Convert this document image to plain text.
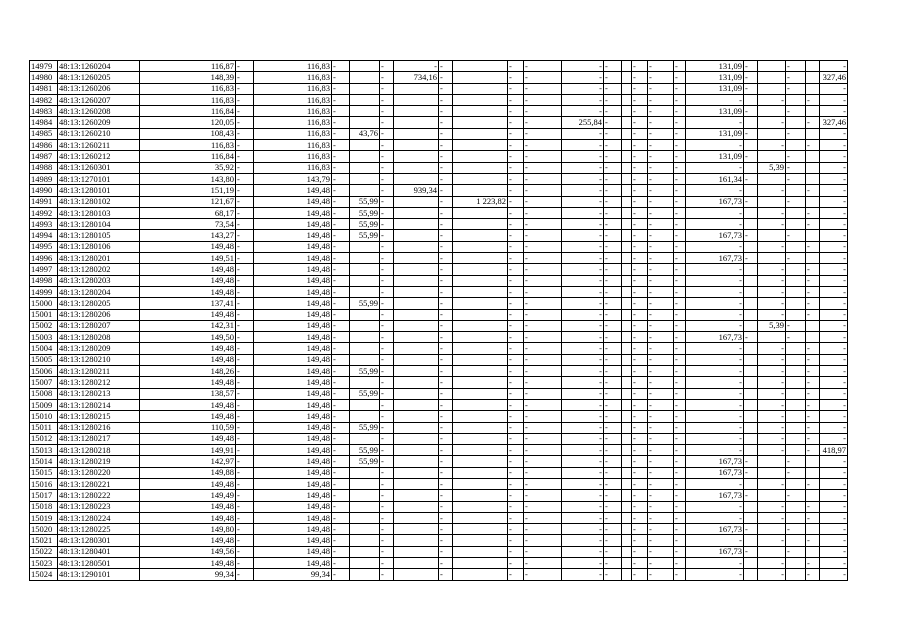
14979	48:13:1260204	116,87	-	116,83	-		-	-	-		-	-	-	-		-	-	-	131,09	-		-		-
14980	48:13:1260205	148,39	-	116,83	-		-	734,16	-		-	-	-	-		-	-	-	131,09	-		-		327,46
14981	48:13:1260206	116,83	-	116,83	-		-		-		-	-	-	-		-	-	-	131,09	-		-		-
14982	48:13:1260207	116,83	-	116,83	-		-		-		-	-	-	-		-	-	-	-		-		-	-
14983	48:13:1260208	116,84	-	116,83	-		-		-		-	-	-	-		-	-	-	131,09	-		-		-
14984	48:13:1260209	120,05	-	116,83	-		-		-		-	-	255,84	-		-	-	-	-		-		-	327,46
14985	48:13:1260210	108,43	-	116,83	-	43,76	-		-		-	-	-	-		-	-	-	131,09	-		-		-
14986	48:13:1260211	116,83	-	116,83	-		-		-		-	-	-	-		-	-	-	-		-		-	-
14987	48:13:1260212	116,84	-	116,83	-		-		-		-	-	-	-		-	-	-	131,09	-		-		-
14988	48:13:1260301	35,92	-	116,83	-		-		-		-	-	-	-		-	-	-	-		5,39	-		-
14989	48:13:1270101	143,80	-	143,79	-		-		-		-	-	-	-		-	-	-	161,34	-		-		-
14990	48:13:1280101	151,19	-	149,48	-		-	939,34	-		-	-	-	-		-	-	-	-		-		-	-
14991	48:13:1280102	121,67	-	149,48	-	55,99	-		-	1 223,82	-	-	-	-		-	-	-	167,73	-		-		-
14992	48:13:1280103	68,17	-	149,48	-	55,99	-		-		-	-	-	-		-	-	-	-		-		-	-
14993	48:13:1280104	73,54	-	149,48	-	55,99	-		-		-	-	-	-		-	-	-	-		-		-	-
14994	48:13:1280105	143,27	-	149,48	-	55,99	-		-		-	-	-	-		-	-	-	167,73	-		-		-
14995	48:13:1280106	149,48	-	149,48	-		-		-		-	-	-	-		-	-	-	-		-		-	-
14996	48:13:1280201	149,51	-	149,48	-		-		-		-	-	-	-		-	-	-	167,73	-		-		-
14997	48:13:1280202	149,48	-	149,48	-		-		-		-	-	-	-		-	-	-	-		-		-	-
14998	48:13:1280203	149,48	-	149,48	-		-		-		-	-	-	-		-	-	-	-		-		-	-
14999	48:13:1280204	149,48	-	149,48	-		-		-		-	-	-	-		-	-	-	-		-		-	-
15000	48:13:1280205	137,41	-	149,48	-	55,99	-		-		-	-	-	-		-	-	-	-		-		-	-
15001	48:13:1280206	149,48	-	149,48	-		-		-		-	-	-	-		-	-	-	-		-		-	-
15002	48:13:1280207	142,31	-	149,48	-		-		-		-	-	-	-		-	-	-	-		5,39	-		-
15003	48:13:1280208	149,50	-	149,48	-		-		-		-	-	-	-		-	-	-	167,73	-		-		-
15004	48:13:1280209	149,48	-	149,48	-		-		-		-	-	-	-		-	-	-	-		-		-	-
15005	48:13:1280210	149,48	-	149,48	-		-		-		-	-	-	-		-	-	-	-		-		-	-
15006	48:13:1280211	148,26	-	149,48	-	55,99	-		-		-	-	-	-		-	-	-	-		-		-	-
15007	48:13:1280212	149,48	-	149,48	-		-		-		-	-	-	-		-	-	-	-		-		-	-
15008	48:13:1280213	138,57	-	149,48	-	55,99	-		-		-	-	-	-		-	-	-	-		-		-	-
15009	48:13:1280214	149,48	-	149,48	-		-		-		-	-	-	-		-	-	-	-		-		-	-
15010	48:13:1280215	149,48	-	149,48	-		-		-		-	-	-	-		-	-	-	-		-		-	-
15011	48:13:1280216	110,59	-	149,48	-	55,99	-		-		-	-	-	-		-	-	-	-		-		-	-
15012	48:13:1280217	149,48	-	149,48	-		-		-		-	-	-	-		-	-	-	-		-		-	-
15013	48:13:1280218	149,91	-	149,48	-	55,99	-		-		-	-	-	-		-	-	-	-		-		-	418,97
15014	48:13:1280219	142,97	-	149,48	-	55,99	-		-		-	-	-	-		-	-	-	167,73	-		-		-
15015	48:13:1280220	149,88	-	149,48	-		-		-		-	-	-	-		-	-	-	167,73	-		-		-
15016	48:13:1280221	149,48	-	149,48	-		-		-		-	-	-	-		-	-	-	-		-		-	-
15017	48:13:1280222	149,49	-	149,48	-		-		-		-	-	-	-		-	-	-	167,73	-		-		-
15018	48:13:1280223	149,48	-	149,48	-		-		-		-	-	-	-		-	-	-	-		-		-	-
15019	48:13:1280224	149,48	-	149,48	-		-		-		-	-	-	-		-	-	-	-		-		-	-
15020	48:13:1280225	149,80	-	149,48	-		-		-		-	-	-	-		-	-	-	167,73	-		-		-
15021	48:13:1280301	149,48	-	149,48	-		-		-		-	-	-	-		-	-	-	-		-		-	-
15022	48:13:1280401	149,56	-	149,48	-		-		-		-	-	-	-		-	-	-	167,73	-		-		-
15023	48:13:1280501	149,48	-	149,48	-		-		-		-	-	-	-		-	-	-	-		-		-	-
15024	48:13:1290101	99,34	-	99,34	-		-		-		-	-	-	-		-	-	-	-		-		-	-
